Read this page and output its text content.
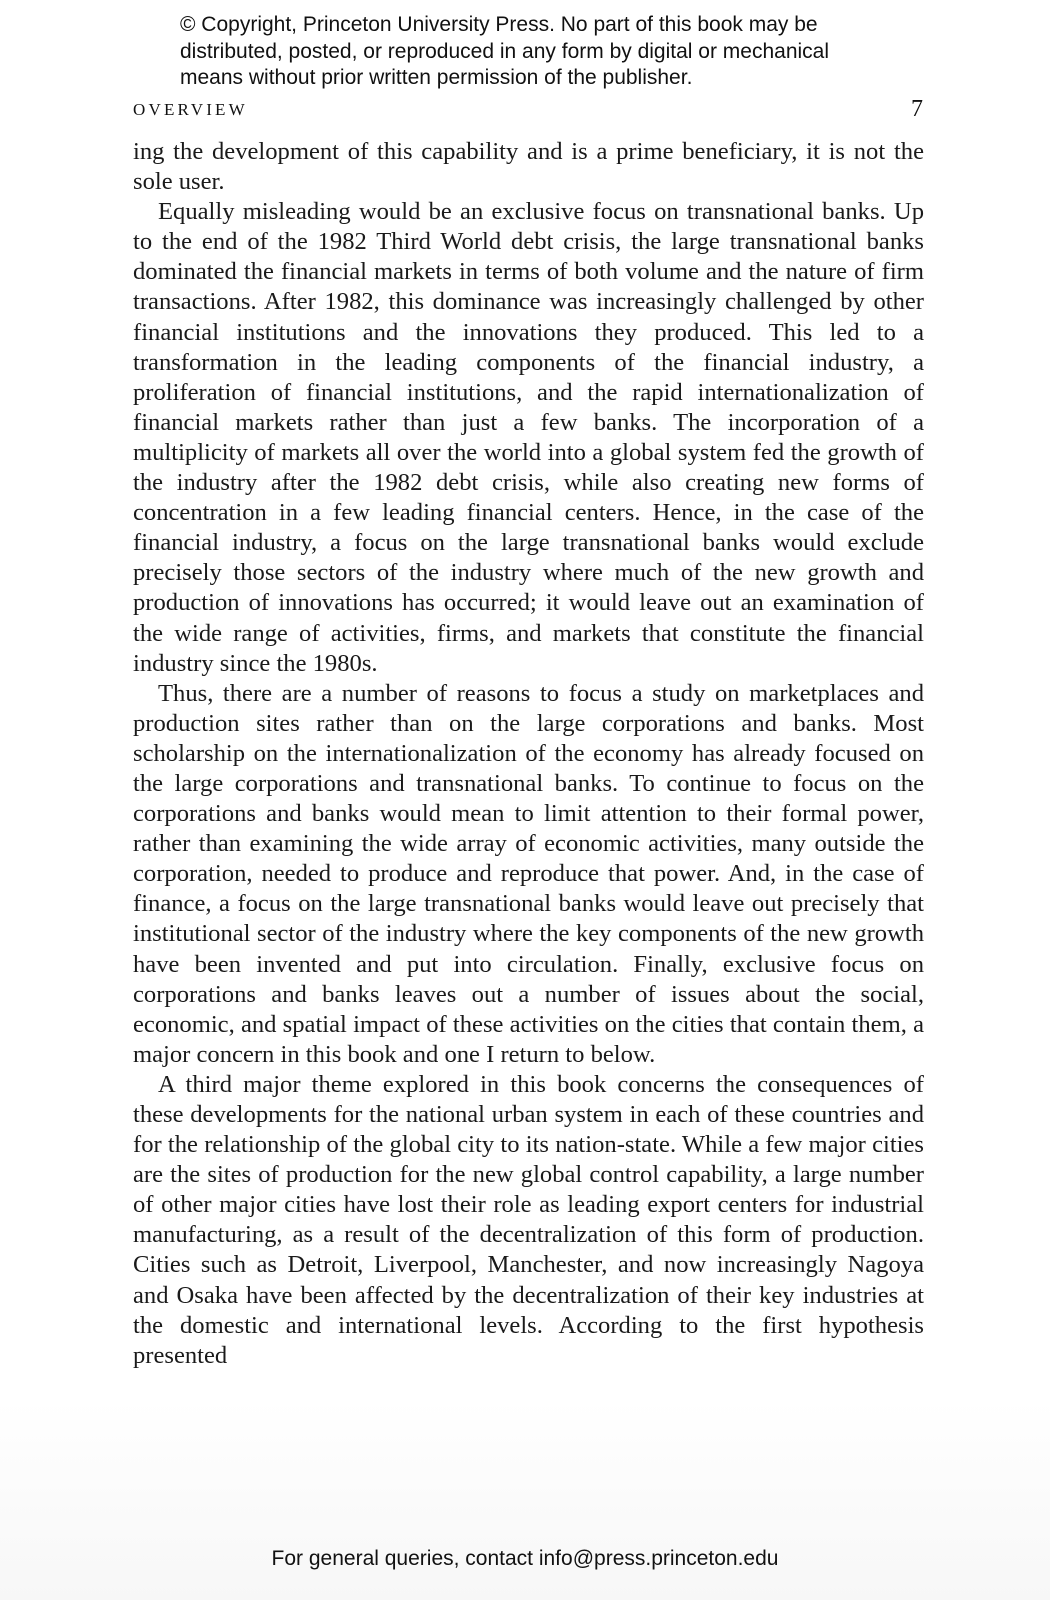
© Copyright, Princeton University Press. No part of this book may be
distributed, posted, or reproduced in any form by digital or mechanical
means without prior written permission of the publisher.
OVERVIEW	7

ing the development of this capability and is a prime beneficiary, it is not the sole user.

Equally misleading would be an exclusive focus on transnational banks. Up to the end of the 1982 Third World debt crisis, the large transnational banks dominated the financial markets in terms of both volume and the nature of firm transactions. After 1982, this dominance was increasingly challenged by other financial institutions and the innovations they produced. This led to a transformation in the leading components of the financial industry, a proliferation of financial institutions, and the rapid internationalization of financial markets rather than just a few banks. The incorporation of a multiplicity of markets all over the world into a global system fed the growth of the industry after the 1982 debt crisis, while also creating new forms of concentration in a few leading financial centers. Hence, in the case of the financial industry, a focus on the large transnational banks would exclude precisely those sectors of the industry where much of the new growth and production of innovations has occurred; it would leave out an examination of the wide range of activities, firms, and markets that constitute the financial industry since the 1980s.

Thus, there are a number of reasons to focus a study on marketplaces and production sites rather than on the large corporations and banks. Most scholarship on the internationalization of the economy has already focused on the large corporations and transnational banks. To continue to focus on the corporations and banks would mean to limit attention to their formal power, rather than examining the wide array of economic activities, many outside the corporation, needed to produce and reproduce that power. And, in the case of finance, a focus on the large transnational banks would leave out precisely that institutional sector of the industry where the key components of the new growth have been invented and put into circulation. Finally, exclusive focus on corporations and banks leaves out a number of issues about the social, economic, and spatial impact of these activities on the cities that contain them, a major concern in this book and one I return to below.

A third major theme explored in this book concerns the consequences of these developments for the national urban system in each of these countries and for the relationship of the global city to its nation-state. While a few major cities are the sites of production for the new global control capability, a large number of other major cities have lost their role as leading export centers for industrial manufacturing, as a result of the decentralization of this form of production. Cities such as Detroit, Liverpool, Manchester, and now increasingly Nagoya and Osaka have been affected by the decentralization of their key industries at the domestic and international levels. According to the first hypothesis presented

For general queries, contact info@press.princeton.edu
